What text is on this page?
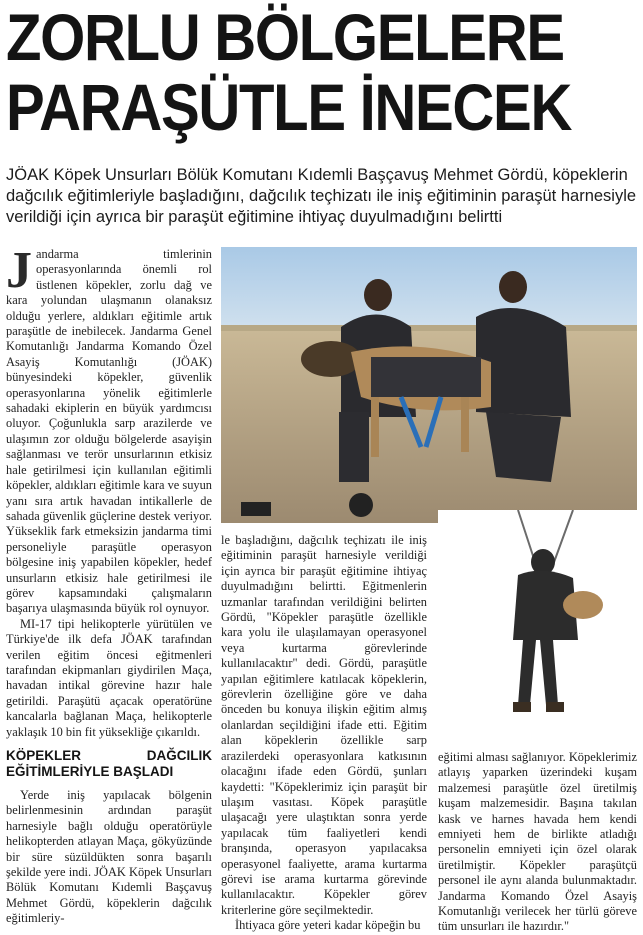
ZORLU BÖLGELERE
PARAŞÜTLE İNECEK
JÖAK Köpek Unsurları Bölük Komutanı Kıdemli Başçavuş Mehmet Gördü, köpeklerin dağcılık eğitimleriyle başladığını, dağcılık teçhizatı ile iniş eğitiminin paraşüt harnesiyle verildiği için ayrıca bir paraşüt eğitimine ihtiyaç duyulmadığını belirtti
J andarma timlerinin operasyonlarında önemli rol üstlenen köpekler, zorlu dağ ve kara yolundan ulaşmanın olanaksız olduğu yerlere, aldıkları eğitimle artık paraşütle de inebilecek. Jandarma Genel Komutanlığı Jandarma Komando Özel Asayiş Komutanlığı (JÖAK) bünyesindeki köpekler, güvenlik operasyonlarına yönelik eğitimlerle sahadaki ekiplerin en büyük yardımcısı oluyor. Çoğunlukla sarp arazilerde ve ulaşımın zor olduğu bölgelerde asayişin sağlanması ve terör unsurlarının etkisiz hale getirilmesi için kullanılan eğitimli köpekler, aldıkları eğitimle kara ve suyun yanı sıra artık havadan intikallerle de sahada güvenlik güçlerine destek veriyor. Yükseklik fark etmeksizin jandarma timi personeliyle paraşütle operasyon bölgesine iniş yapabilen köpekler, hedef unsurların etkisiz hale getirilmesi ile görev kapsamındaki çalışmaların başarıya ulaşmasında büyük rol oynuyor.

MI-17 tipi helikopterle yürütülen ve Türkiye'de ilk defa JÖAK tarafından verilen eğitim öncesi eğitmenleri tarafından ekipmanları giydirilen Maça, havadan intikal görevine hazır hale getirildi. Paraşütü açacak operatörüne kancalarla bağlanan Maça, helikopterle yaklaşık 10 bin fit yüksekliğe çıkarıldı.

KÖPEKLER DAĞCILIK EĞİTİMLERİYLE BAŞLADI

Yerde iniş yapılacak bölgenin belirlenmesinin ardından paraşüt harnesiyle bağlı olduğu operatörüyle helikopterden atlayan Maça, gökyüzünde bir süre süzüldükten sonra başarılı şekilde yere indi. JÖAK Köpek Unsurları Bölük Komutanı Kıdemli Başçavuş Mehmet Gördü, köpeklerin dağcılık eğitimleriy-

le başladığını, dağcılık teçhizatı ile iniş eğitiminin paraşüt harnesiyle verildiği için ayrıca bir paraşüt eğitimine ihtiyaç duyulmadığını belirtti. Eğitmenlerin uzmanlar tarafından verildiğini belirten Gördü, "Köpekler paraşütle özellikle kara yolu ile ulaşılamayan operasyonel veya kurtarma görevlerinde kullanılacaktır" dedi. Gördü, paraşütle yapılan eğitimlere katılacak köpeklerin, görevlerin özelliğine göre ve daha önceden bu konuya ilişkin eğitim almış olanlardan seçildiğini ifade etti. Eğitim alan köpeklerin özellikle sarp arazilerdeki operasyonlara katkısının olacağını ifade eden Gördü, şunları kaydetti: "Köpeklerimiz için paraşüt bir ulaşım vasıtası. Köpek paraşütle ulaşacağı yere ulaştıktan sonra yerde yapılacak tüm faaliyetleri kendi branşında, operasyon yapılacaksa operasyonel faaliyette, arama kurtarma görevi ise arama kurtarma görevinde kullanılacaktır. Köpekler görev kriterlerine göre seçilmektedir.

İhtiyaca göre yeteri kadar köpeğin bu

eğitimi alması sağlanıyor. Köpeklerimiz atlayış yaparken üzerindeki kuşam malzemesi paraşütle özel üretilmiş kuşam malzemesidir. Başına takılan kask ve harnes havada hem kendi emniyeti hem de birlikte atladığı personelin emniyeti için özel olarak üretilmiştir. Köpekler paraşütçü personel ile aynı alanda bulunmaktadır. Jandarma Komando Özel Asayiş Komutanlığı verilecek her türlü göreve tüm unsurları ile hazırdır."
